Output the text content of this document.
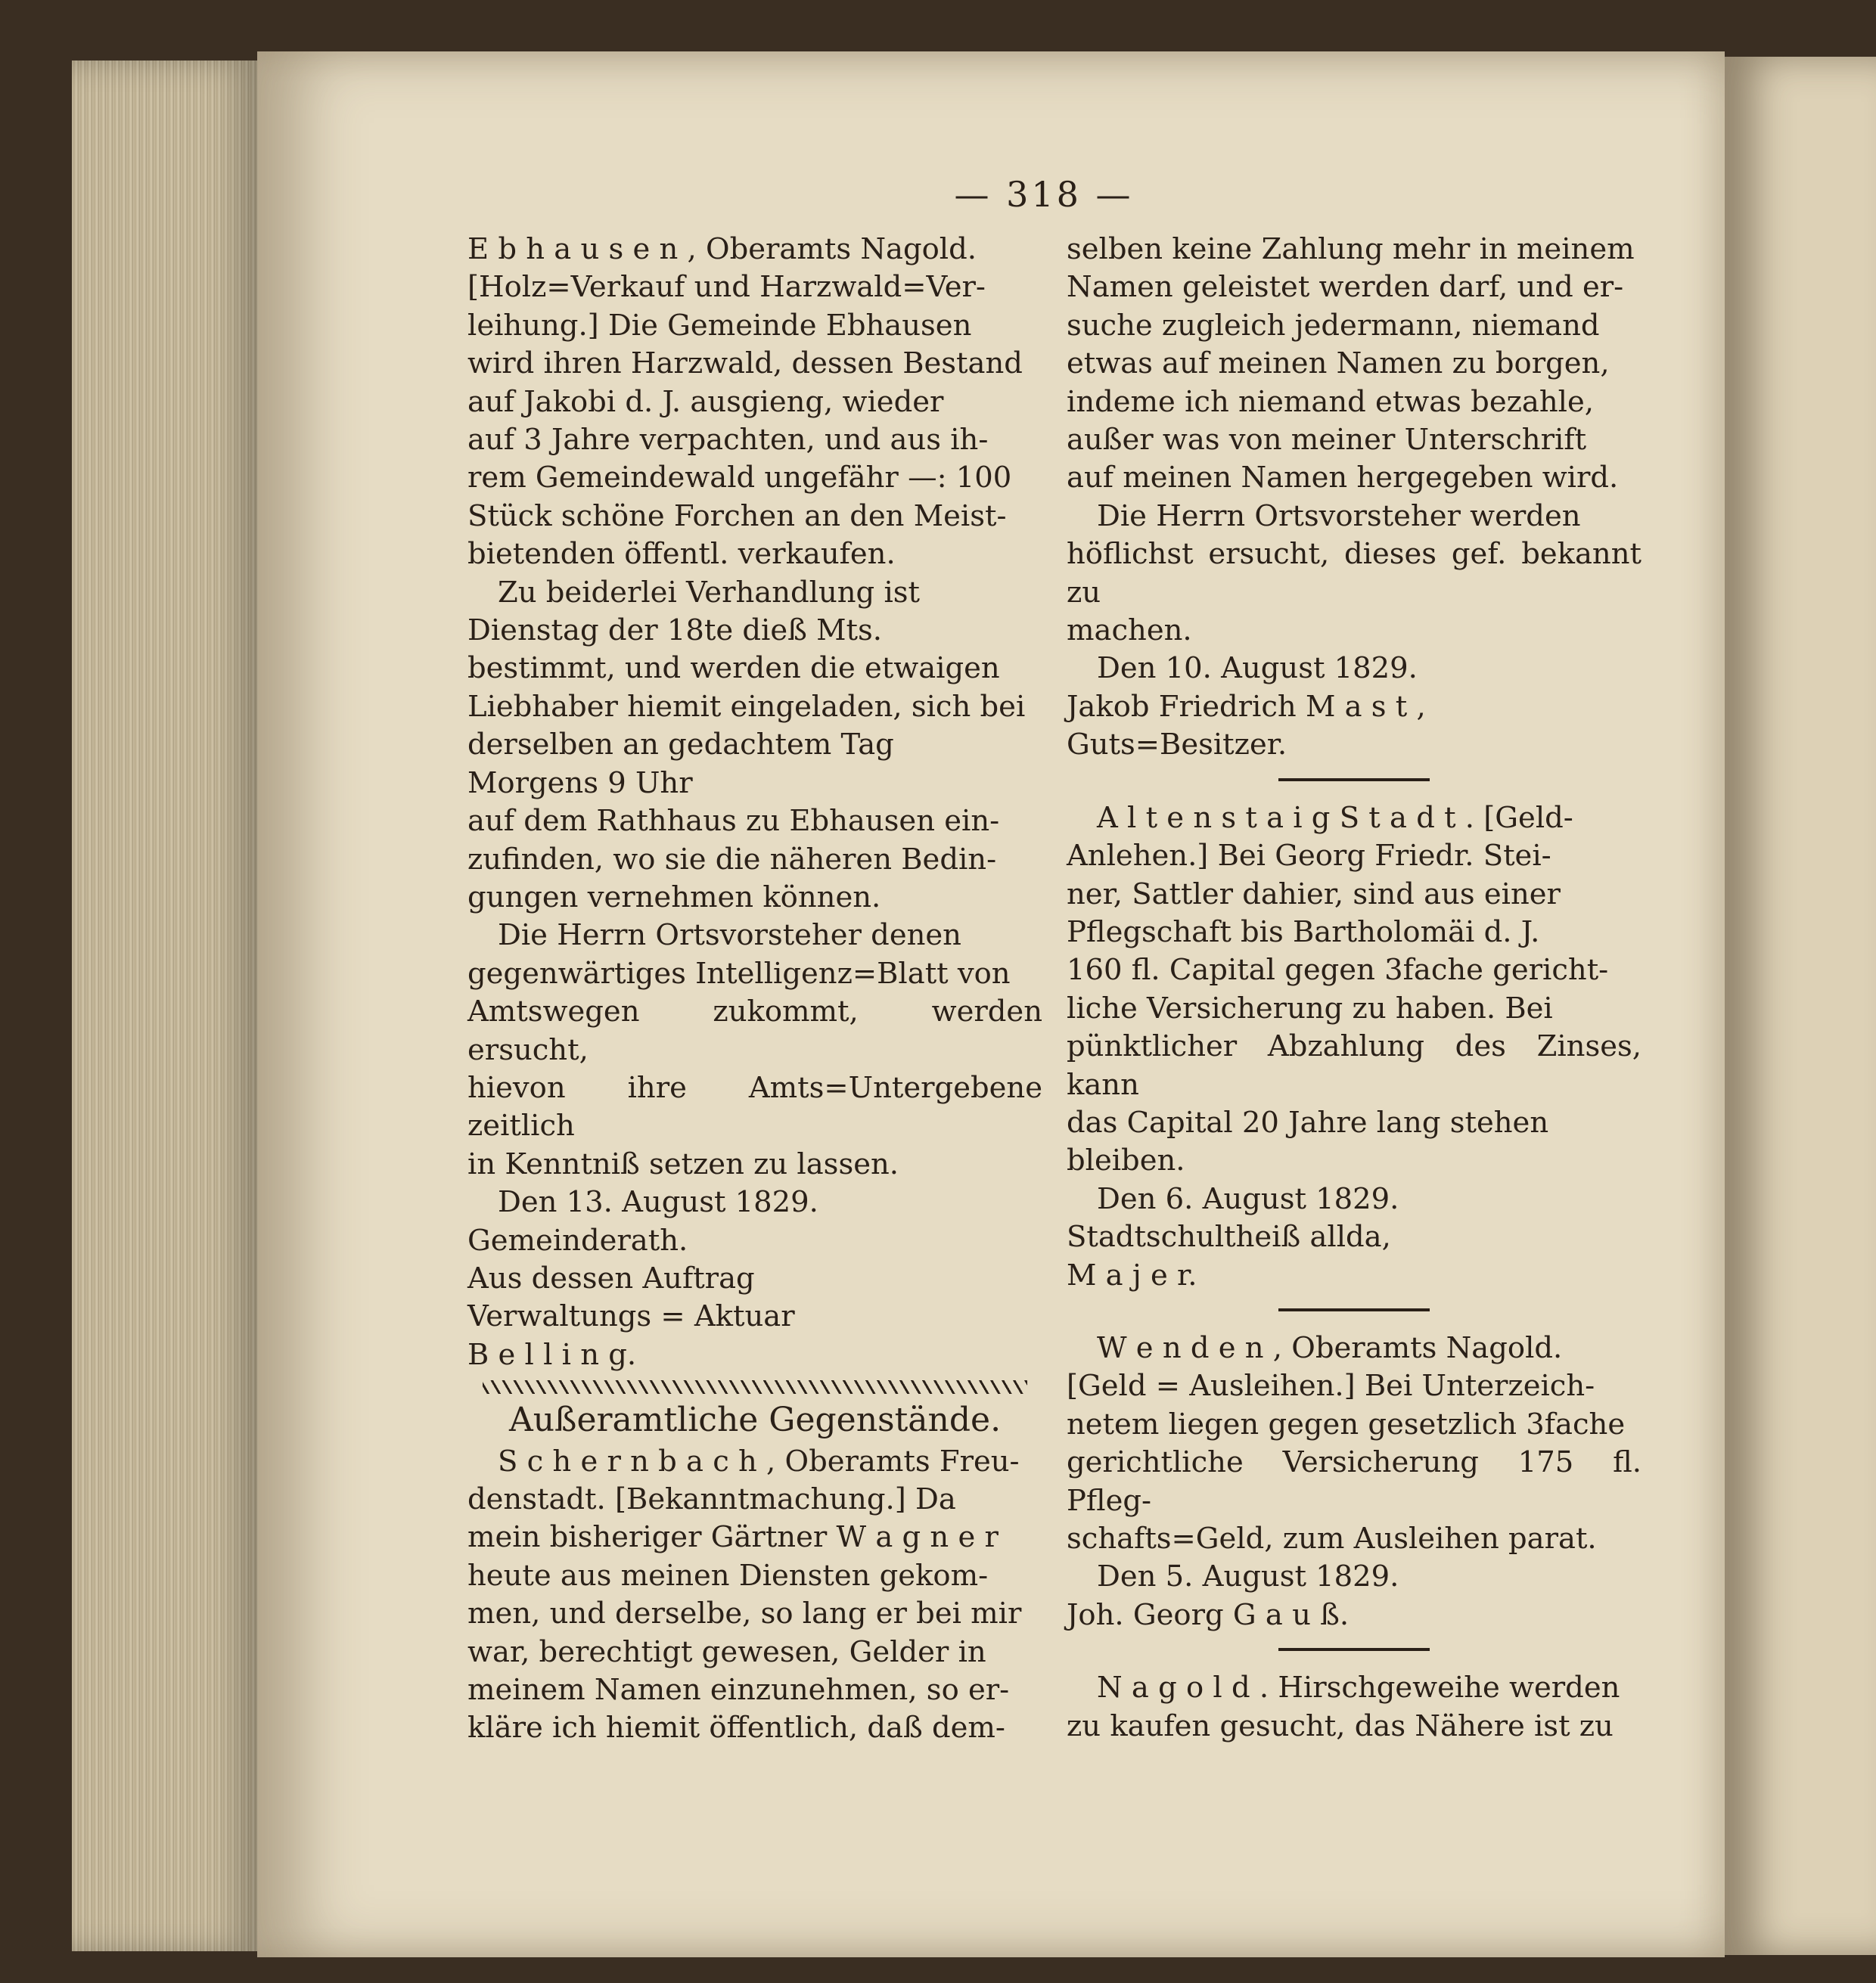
— 318 —

E b h a u s e n , Oberamts Nagold.

[Holz=Verkauf und Harzwald=Ver-

leihung.] Die Gemeinde Ebhausen

wird ihren Harzwald, dessen Bestand

auf Jakobi d. J. ausgieng, wieder

auf 3 Jahre verpachten, und aus ih-

rem Gemeindewald ungefähr —: 100

Stück schöne Forchen an den Meist-

bietenden öffentl. verkaufen.

Zu beiderlei Verhandlung ist

Dienstag der 18te dieß Mts.

bestimmt, und werden die etwaigen

Liebhaber hiemit eingeladen, sich bei

derselben an gedachtem Tag

Morgens 9 Uhr

auf dem Rathhaus zu Ebhausen ein-

zufinden, wo sie die näheren Bedin-

gungen vernehmen können.

Die Herrn Ortsvorsteher denen

gegenwärtiges Intelligenz=Blatt von

Amtswegen zukommt, werden ersucht,

hievon ihre Amts=Untergebene zeitlich

in Kenntniß setzen zu lassen.

Den 13. August 1829.

Gemeinderath.

Aus dessen Auftrag

Verwaltungs = Aktuar

B e l l i n g.

Außeramtliche Gegenstände.

S c h e r n b a c h , Oberamts Freu-

denstadt. [Bekanntmachung.] Da

mein bisheriger Gärtner W a g n e r

heute aus meinen Diensten gekom-

men, und derselbe, so lang er bei mir

war, berechtigt gewesen, Gelder in

meinem Namen einzunehmen, so er-

kläre ich hiemit öffentlich, daß dem-

selben keine Zahlung mehr in meinem

Namen geleistet werden darf, und er-

suche zugleich jedermann, niemand

etwas auf meinen Namen zu borgen,

indeme ich niemand etwas bezahle,

außer was von meiner Unterschrift

auf meinen Namen hergegeben wird.

Die Herrn Ortsvorsteher werden

höflichst ersucht, dieses gef. bekannt zu

machen.

Den 10. August 1829.

Jakob Friedrich M a s t ,

Guts=Besitzer.

A l t e n s t a i g S t a d t . [Geld-

Anlehen.] Bei Georg Friedr. Stei-

ner, Sattler dahier, sind aus einer

Pflegschaft bis Bartholomäi d. J.

160 fl. Capital gegen 3fache gericht-

liche Versicherung zu haben. Bei

pünktlicher Abzahlung des Zinses, kann

das Capital 20 Jahre lang stehen

bleiben.

Den 6. August 1829.

Stadtschultheiß allda,

M a j e r.

W e n d e n , Oberamts Nagold.

[Geld = Ausleihen.] Bei Unterzeich-

netem liegen gegen gesetzlich 3fache

gerichtliche Versicherung 175 fl. Pfleg-

schafts=Geld, zum Ausleihen parat.

Den 5. August 1829.

Joh. Georg G a u ß.

N a g o l d . Hirschgeweihe werden

zu kaufen gesucht, das Nähere ist zu
